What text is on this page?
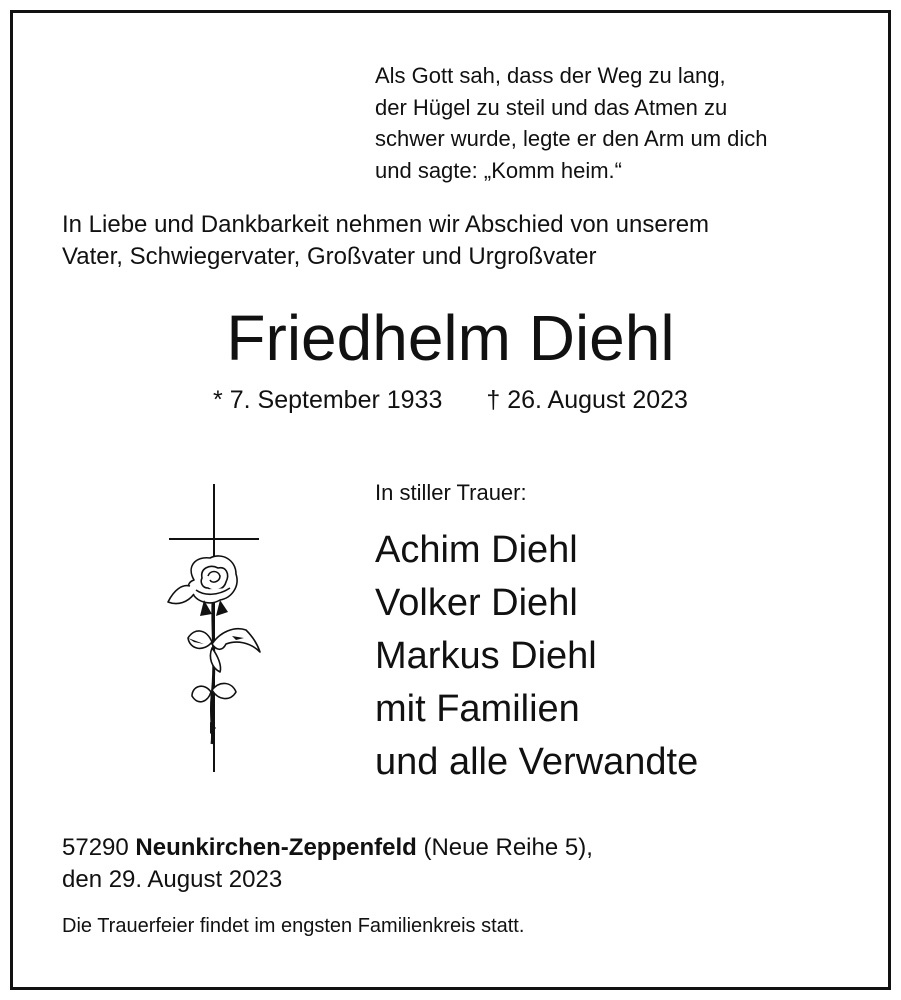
Als Gott sah, dass der Weg zu lang,
der Hügel zu steil und das Atmen zu
schwer wurde, legte er den Arm um dich
und sagte: „Komm heim.“
In Liebe und Dankbarkeit nehmen wir Abschied von unserem
Vater, Schwiegervater, Großvater und Urgroßvater
Friedhelm Diehl
* 7. September 1933 † 26. August 2023
In stiller Trauer:
Achim Diehl
Volker Diehl
Markus Diehl
mit Familien
und alle Verwandte
57290 Neunkirchen-Zeppenfeld (Neue Reihe 5),
den 29. August 2023
Die Trauerfeier findet im engsten Familienkreis statt.
